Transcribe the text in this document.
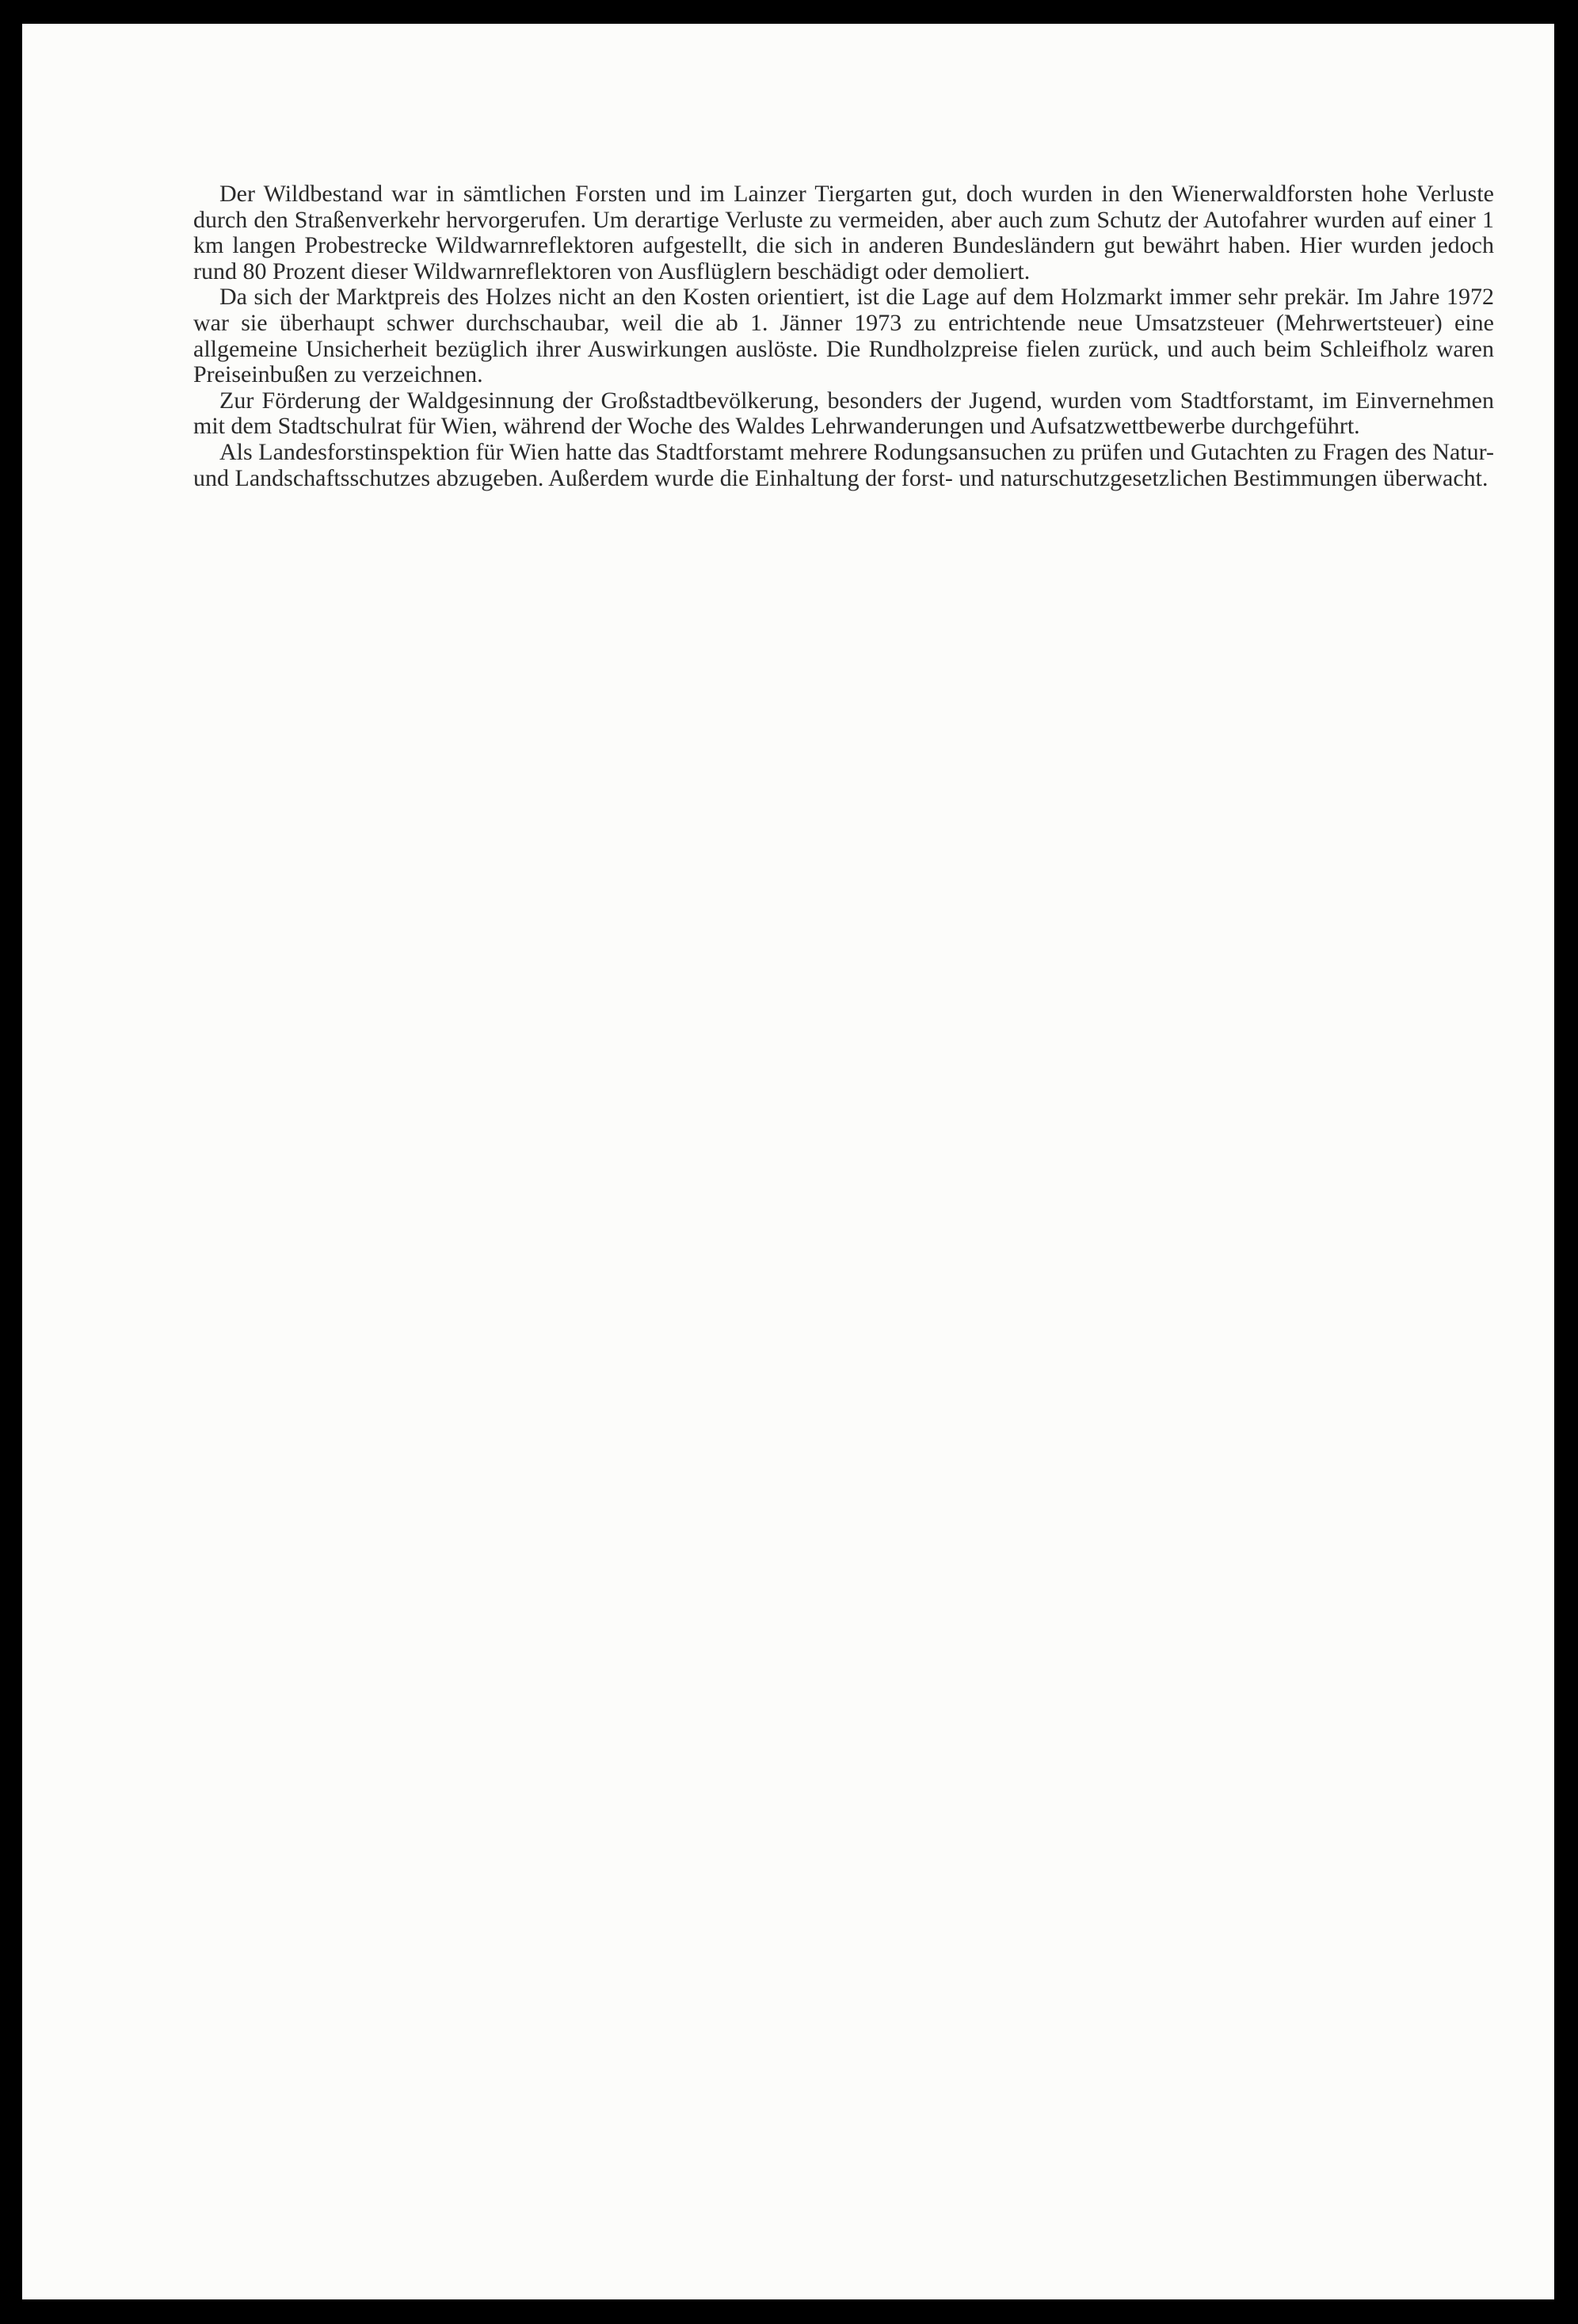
Der Wildbestand war in sämtlichen Forsten und im Lainzer Tiergarten gut, doch wurden in den Wienerwaldforsten hohe Verluste durch den Straßenverkehr hervorgerufen. Um derartige Verluste zu vermeiden, aber auch zum Schutz der Autofahrer wurden auf einer 1 km langen Probestrecke Wildwarnreflektoren aufgestellt, die sich in anderen Bundesländern gut bewährt haben. Hier wurden jedoch rund 80 Prozent dieser Wildwarnreflektoren von Ausflüglern beschädigt oder demoliert.

Da sich der Marktpreis des Holzes nicht an den Kosten orientiert, ist die Lage auf dem Holzmarkt immer sehr prekär. Im Jahre 1972 war sie überhaupt schwer durchschaubar, weil die ab 1. Jänner 1973 zu entrichtende neue Umsatzsteuer (Mehrwertsteuer) eine allgemeine Unsicherheit bezüglich ihrer Auswirkungen auslöste. Die Rundholzpreise fielen zurück, und auch beim Schleifholz waren Preiseinbußen zu verzeichnen.

Zur Förderung der Waldgesinnung der Großstadtbevölkerung, besonders der Jugend, wurden vom Stadtforstamt, im Einvernehmen mit dem Stadtschulrat für Wien, während der Woche des Waldes Lehrwanderungen und Aufsatzwettbewerbe durchgeführt.

Als Landesforstinspektion für Wien hatte das Stadtforstamt mehrere Rodungsansuchen zu prüfen und Gutachten zu Fragen des Natur- und Landschaftsschutzes abzugeben. Außerdem wurde die Einhaltung der forst- und naturschutzgesetzlichen Bestimmungen überwacht.
